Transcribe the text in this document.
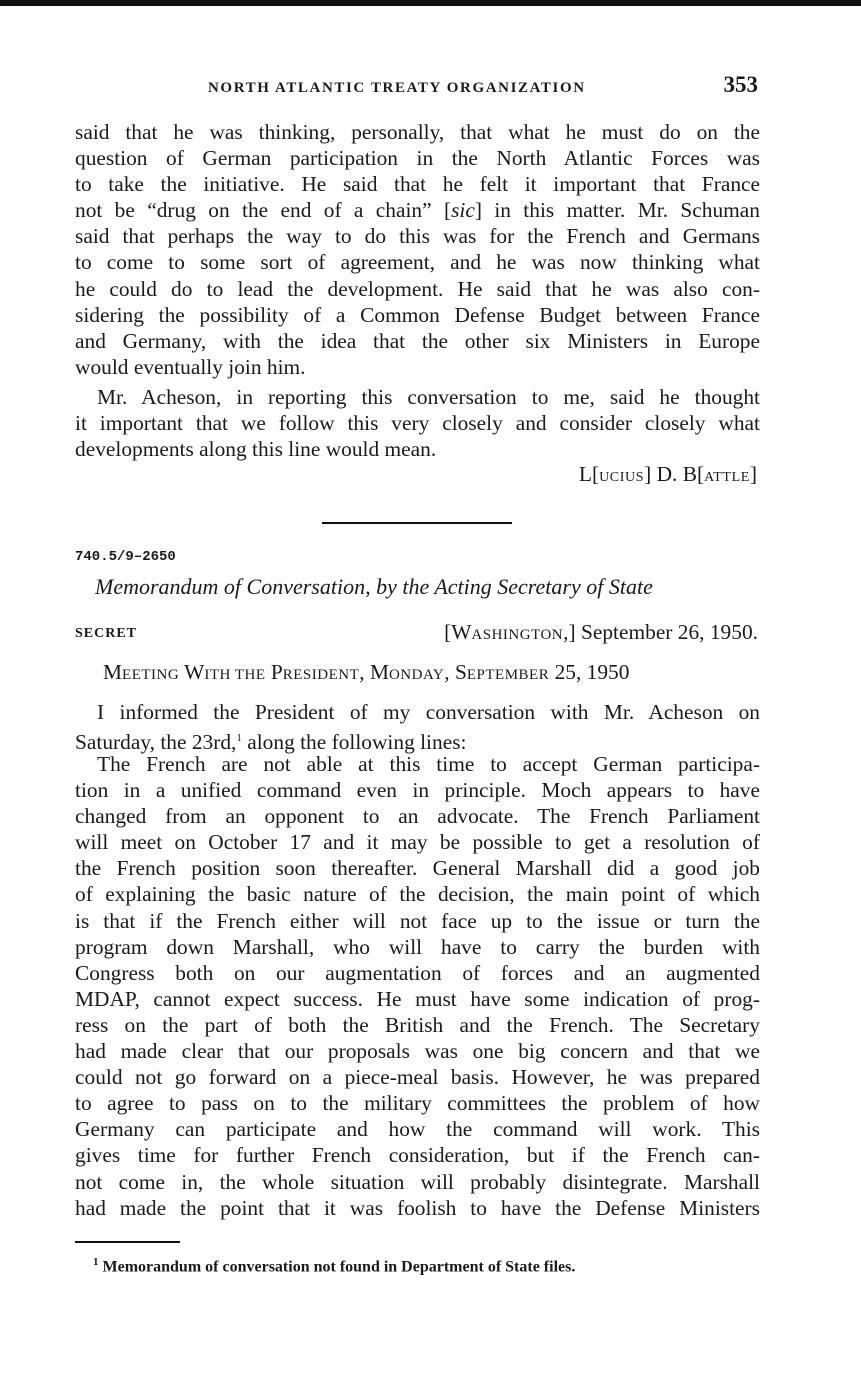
NORTH ATLANTIC TREATY ORGANIZATION	353
said that he was thinking, personally, that what he must do on the
question of German participation in the North Atlantic Forces was
to take the initiative. He said that he felt it important that France
not be “drug on the end of a chain” [sic] in this matter. Mr. Schuman
said that perhaps the way to do this was for the French and Germans
to come to some sort of agreement, and he was now thinking what
he could do to lead the development. He said that he was also con-
sidering the possibility of a Common Defense Budget between France
and Germany, with the idea that the other six Ministers in Europe
would eventually join him.
Mr. Acheson, in reporting this conversation to me, said he thought
it important that we follow this very closely and consider closely what
developments along this line would mean.
L[UCIUS] D. B[ATTLE]
740.5/9–2650
Memorandum of Conversation, by the Acting Secretary of State
SECRET	[WASHINGTON,] September 26, 1950.
MEETING WITH THE PRESIDENT, MONDAY, SEPTEMBER 25, 1950
I informed the President of my conversation with Mr. Acheson on
Saturday, the 23rd,$^1$ along the following lines:
The French are not able at this time to accept German participa-
tion in a unified command even in principle. Moch appears to have
changed from an opponent to an advocate. The French Parliament
will meet on October 17 and it may be possible to get a resolution of
the French position soon thereafter. General Marshall did a good job
of explaining the basic nature of the decision, the main point of which
is that if the French either will not face up to the issue or turn the
program down Marshall, who will have to carry the burden with
Congress both on our augmentation of forces and an augmented
MDAP, cannot expect success. He must have some indication of prog-
ress on the part of both the British and the French. The Secretary
had made clear that our proposals was one big concern and that we
could not go forward on a piece-meal basis. However, he was prepared
to agree to pass on to the military committees the problem of how
Germany can participate and how the command will work. This
gives time for further French consideration, but if the French can-
not come in, the whole situation will probably disintegrate. Marshall
had made the point that it was foolish to have the Defense Ministers
$^1$ Memorandum of conversation not found in Department of State files.
